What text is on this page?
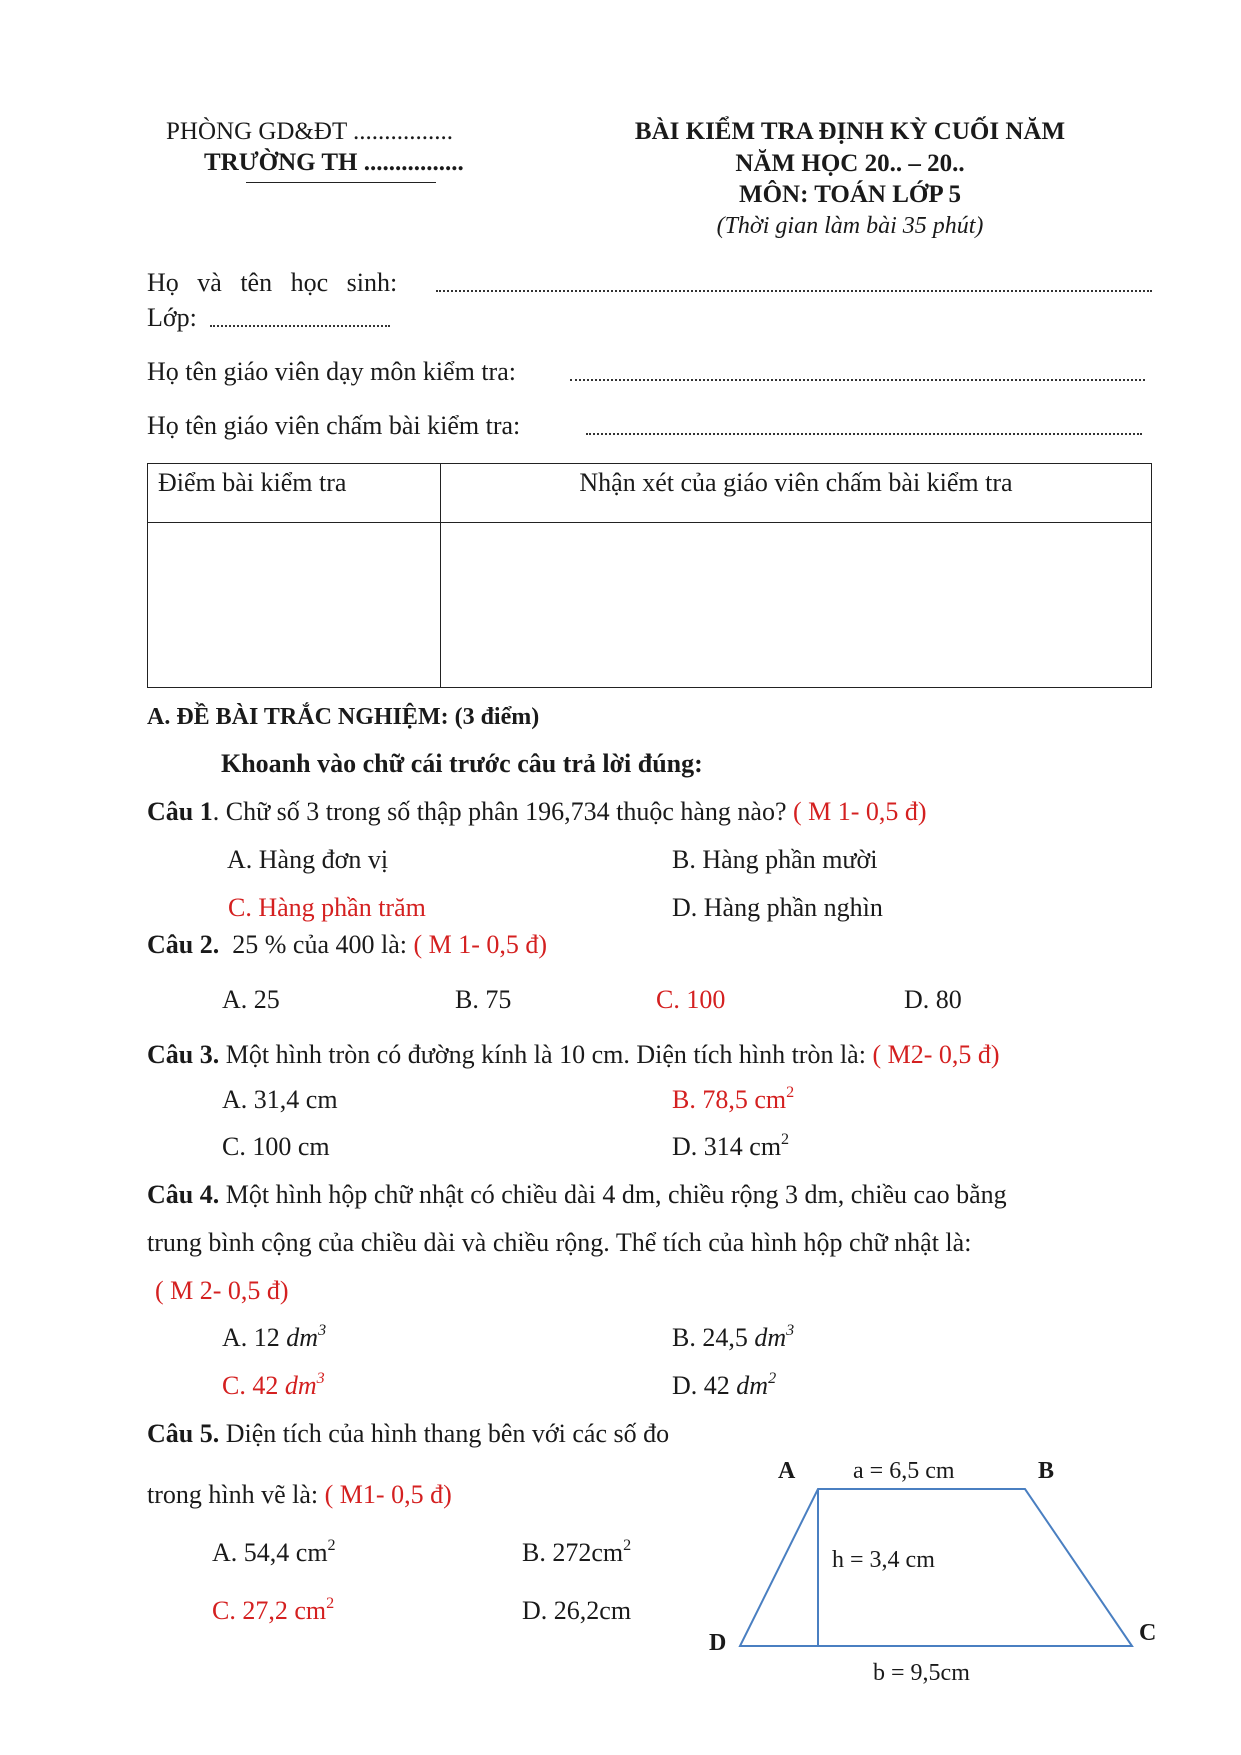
PHÒNG GD&ĐT ................
TRƯỜNG TH ................
BÀI KIỂM TRA ĐỊNH KỲ CUỐI NĂM
NĂM HỌC 20.. – 20..
MÔN: TOÁN LỚP 5
(Thời gian làm bài 35 phút)
Họ và tên học sinh:
Lớp:
Họ tên giáo viên dạy môn kiểm tra:
Họ tên giáo viên chấm bài kiểm tra:
Điểm bài kiểm tra	Nhận xét của giáo viên chấm bài kiểm tra

A. ĐỀ BÀI TRẮC NGHIỆM: (3 điểm)
Khoanh vào chữ cái trước câu trả lời đúng:
Câu 1. Chữ số 3 trong số thập phân 196,734 thuộc hàng nào? ( M 1- 0,5 đ)
A. Hàng đơn vị	B. Hàng phần mười
C. Hàng phần trăm	D. Hàng phần nghìn
Câu 2. 25 % của 400 là: ( M 1- 0,5 đ)
A. 25	B. 75	C. 100	D. 80
Câu 3. Một hình tròn có đường kính là 10 cm. Diện tích hình tròn là: ( M2- 0,5 đ)
A. 31,4 cm	B. 78,5 $cm^2$
C. 100 cm	D. 314 $cm^2$
Câu 4. Một hình hộp chữ nhật có chiều dài 4 dm, chiều rộng 3 dm, chiều cao bằng
trung bình cộng của chiều dài và chiều rộng. Thể tích của hình hộp chữ nhật là:
( M 2- 0,5 đ)
A. 12 $dm^3$	B. 24,5 $dm^3$
C. 42 $dm^3$	D. 42 $dm^2$
Câu 5. Diện tích của hình thang bên với các số đo
trong hình vẽ là: ( M1- 0,5 đ)
A. 54,4 $cm^2$	B. $272cm^2$
C. 27,2 $cm^2$	D. 26,2cm
A	B
C
D
a = 6,5 cm
h = 3,4 cm
b = 9,5cm
